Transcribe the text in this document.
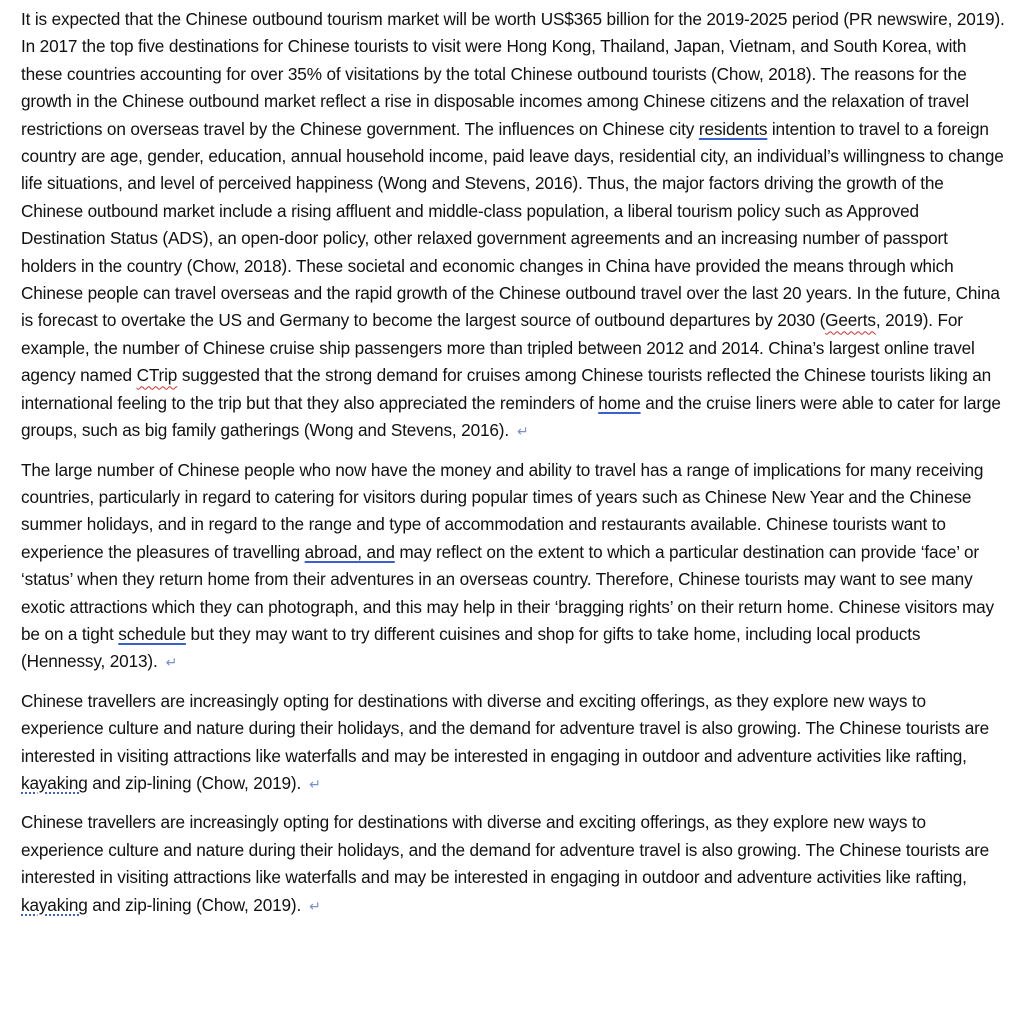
It is expected that the Chinese outbound tourism market will be worth US$365 billion for the 2019-2025 period (PR newswire, 2019). In 2017 the top five destinations for Chinese tourists to visit were Hong Kong, Thailand, Japan, Vietnam, and South Korea, with these countries accounting for over 35% of visitations by the total Chinese outbound tourists (Chow, 2018). The reasons for the growth in the Chinese outbound market reflect a rise in disposable incomes among Chinese citizens and the relaxation of travel restrictions on overseas travel by the Chinese government. The influences on Chinese city residents intention to travel to a foreign country are age, gender, education, annual household income, paid leave days, residential city, an individual’s willingness to change life situations, and level of perceived happiness (Wong and Stevens, 2016). Thus, the major factors driving the growth of the Chinese outbound market include a rising affluent and middle-class population, a liberal tourism policy such as Approved Destination Status (ADS), an open-door policy, other relaxed government agreements and an increasing number of passport holders in the country (Chow, 2018). These societal and economic changes in China have provided the means through which Chinese people can travel overseas and the rapid growth of the Chinese outbound travel over the last 20 years. In the future, China is forecast to overtake the US and Germany to become the largest source of outbound departures by 2030 (Geerts, 2019). For example, the number of Chinese cruise ship passengers more than tripled between 2012 and 2014. China’s largest online travel agency named CTrip suggested that the strong demand for cruises among Chinese tourists reflected the Chinese tourists liking an international feeling to the trip but that they also appreciated the reminders of home and the cruise liners were able to cater for large groups, such as big family gatherings (Wong and Stevens, 2016). ↵

The large number of Chinese people who now have the money and ability to travel has a range of implications for many receiving countries, particularly in regard to catering for visitors during popular times of years such as Chinese New Year and the Chinese summer holidays, and in regard to the range and type of accommodation and restaurants available. Chinese tourists want to experience the pleasures of travelling abroad, and may reflect on the extent to which a particular destination can provide ‘face’ or ‘status’ when they return home from their adventures in an overseas country. Therefore, Chinese tourists may want to see many exotic attractions which they can photograph, and this may help in their ‘bragging rights’ on their return home. Chinese visitors may be on a tight schedule but they may want to try different cuisines and shop for gifts to take home, including local products (Hennessy, 2013). ↵

Chinese travellers are increasingly opting for destinations with diverse and exciting offerings, as they explore new ways to experience culture and nature during their holidays, and the demand for adventure travel is also growing. The Chinese tourists are interested in visiting attractions like waterfalls and may be interested in engaging in outdoor and adventure activities like rafting, kayaking and zip-lining (Chow, 2019). ↵

Chinese travellers are increasingly opting for destinations with diverse and exciting offerings, as they explore new ways to experience culture and nature during their holidays, and the demand for adventure travel is also growing. The Chinese tourists are interested in visiting attractions like waterfalls and may be interested in engaging in outdoor and adventure activities like rafting, kayaking and zip-lining (Chow, 2019). ↵
